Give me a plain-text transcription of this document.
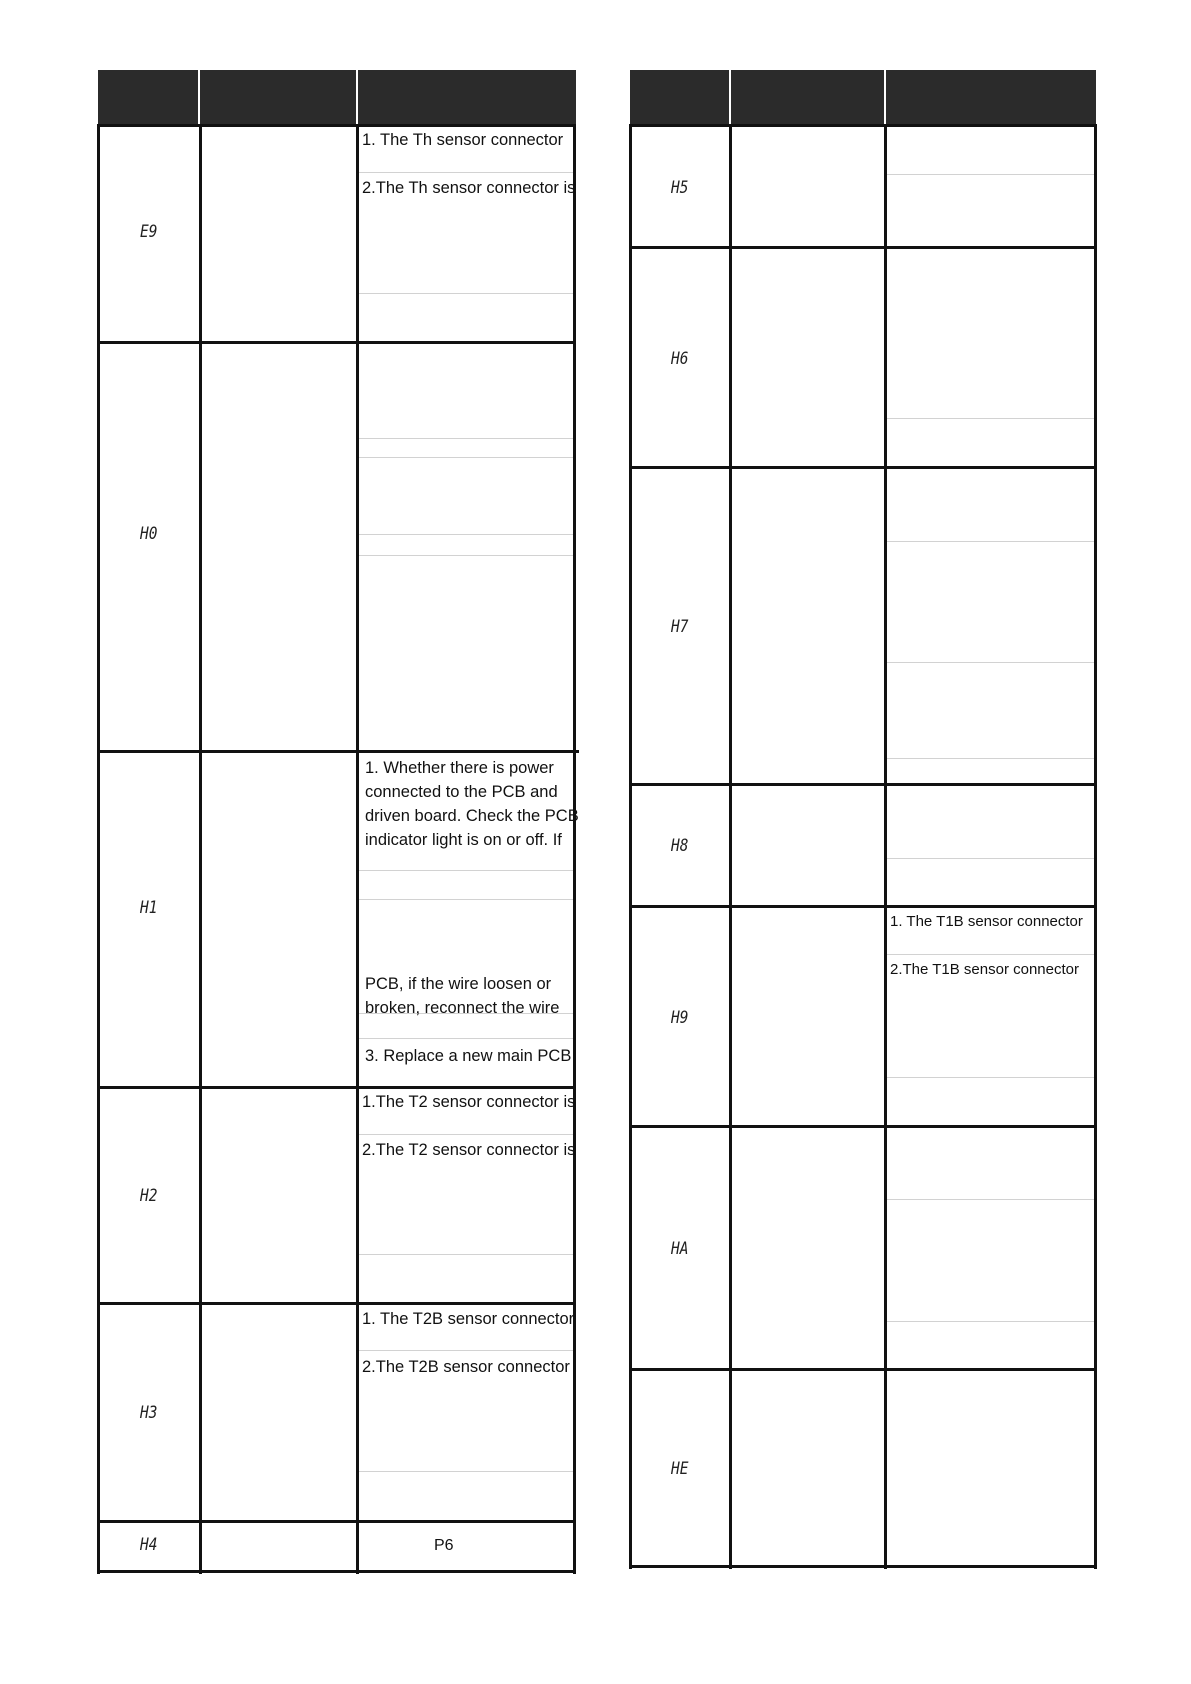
E9
H0
H1
H2
H3
H4
1. The Th sensor connector
2.The Th sensor connector is
1. Whether there is power
connected to the PCB and
driven board. Check the PCB
indicator light is on or off. If
PCB, if the wire loosen or
broken, reconnect the wire
3. Replace a new main PCB
1.The T2 sensor connector is
2.The T2 sensor connector is
1. The T2B sensor connector
2.The T2B sensor connector
P6
H5
H6
H7
H8
H9
HA
HE
1. The T1B sensor connector
2.The T1B sensor connector
